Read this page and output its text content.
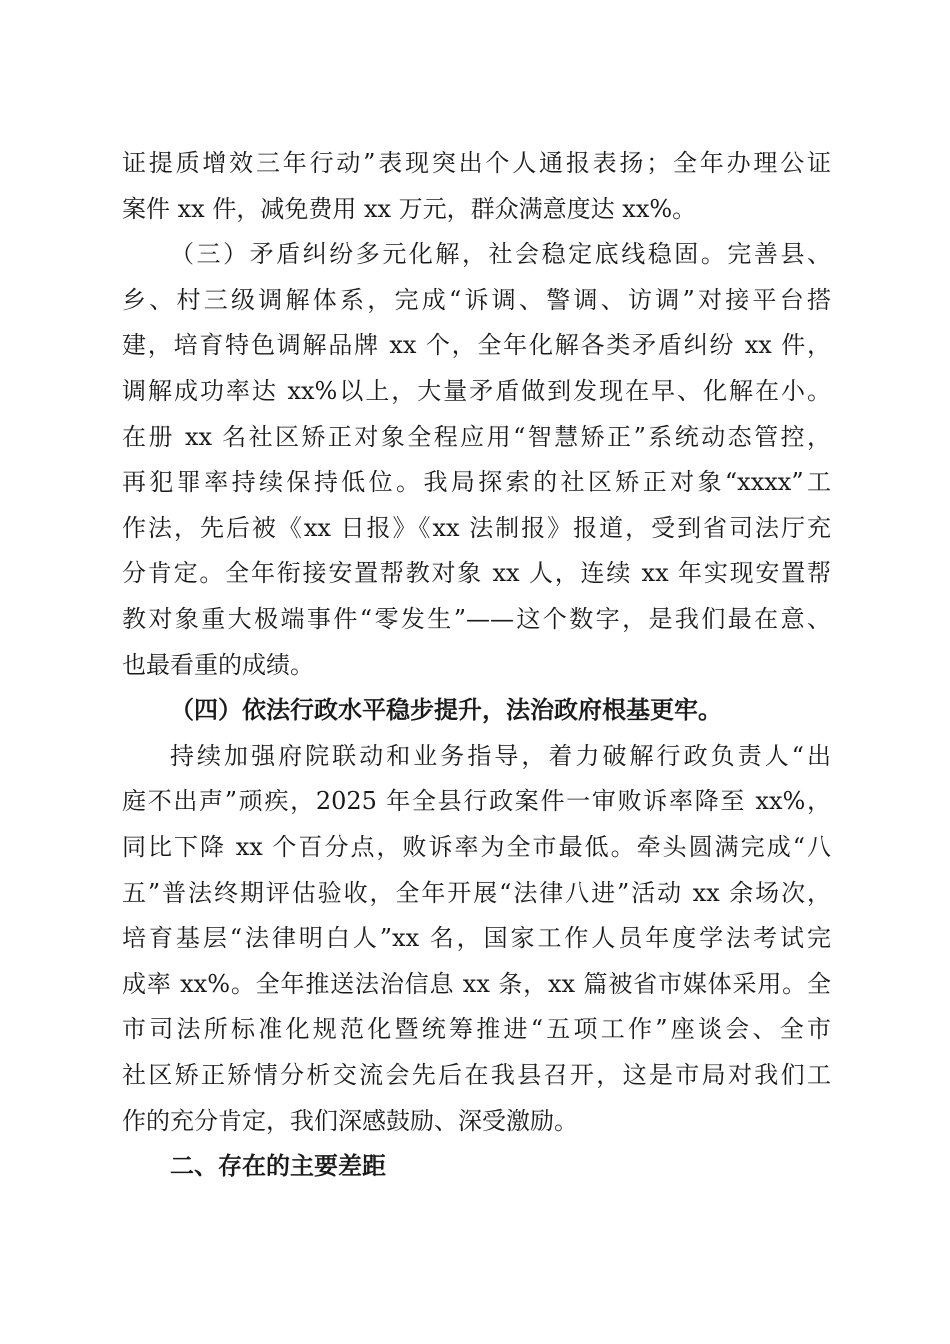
证提质增效三年行动”表现突出个人通报表扬；全年办理公证
案件 xx 件，减免费用 xx 万元，群众满意度达 xx%。
（三）矛盾纠纷多元化解，社会稳定底线稳固。完善县、
乡、村三级调解体系，完成“诉调、警调、访调”对接平台搭
建，培育特色调解品牌 xx 个，全年化解各类矛盾纠纷 xx 件，
调解成功率达 xx%以上，大量矛盾做到发现在早、化解在小。
在册 xx 名社区矫正对象全程应用“智慧矫正”系统动态管控，
再犯罪率持续保持低位。我局探索的社区矫正对象“xxxx”工
作法，先后被《xx 日报》《xx 法制报》报道，受到省司法厅充
分肯定。全年衔接安置帮教对象 xx 人，连续 xx 年实现安置帮
教对象重大极端事件“零发生”——这个数字，是我们最在意、
也最看重的成绩。
（四）依法行政水平稳步提升，法治政府根基更牢。
持续加强府院联动和业务指导，着力破解行政负责人“出
庭不出声”顽疾，2025 年全县行政案件一审败诉率降至 xx%，
同比下降 xx 个百分点，败诉率为全市最低。牵头圆满完成“八
五”普法终期评估验收，全年开展“法律八进”活动 xx 余场次，
培育基层“法律明白人”xx 名，国家工作人员年度学法考试完
成率 xx%。全年推送法治信息 xx 条，xx 篇被省市媒体采用。全
市司法所标准化规范化暨统筹推进“五项工作”座谈会、全市
社区矫正矫情分析交流会先后在我县召开，这是市局对我们工
作的充分肯定，我们深感鼓励、深受激励。
二、存在的主要差距
